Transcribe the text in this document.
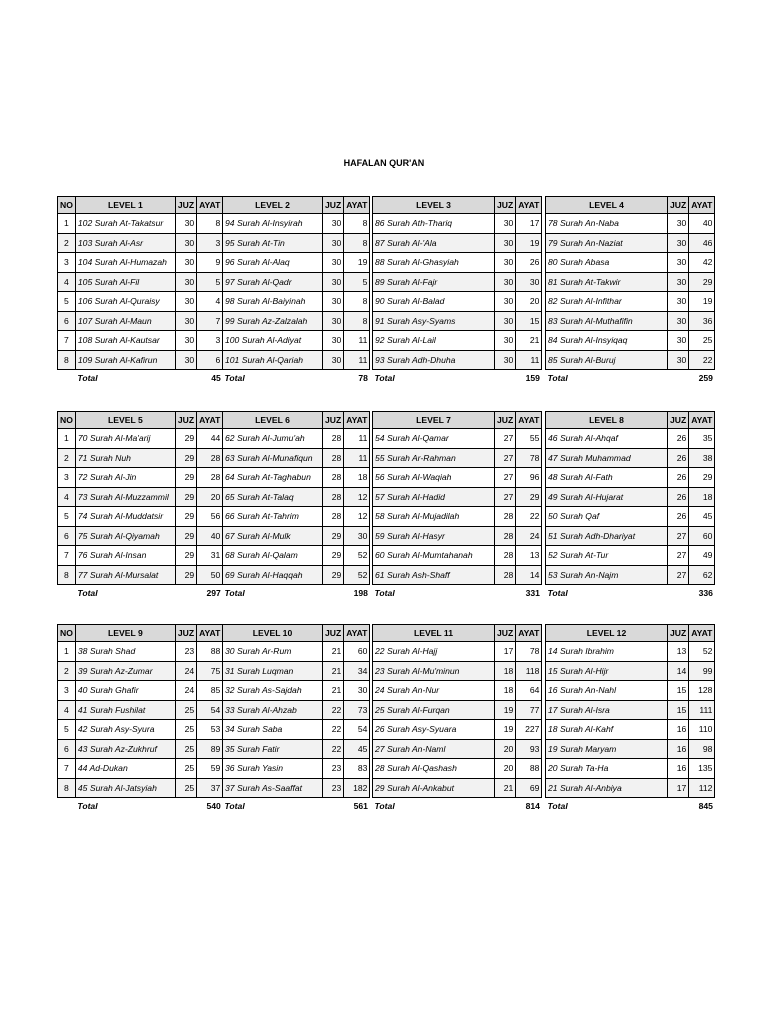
HAFALAN QUR'AN
NO	LEVEL 1	JUZ	AYAT
1	102 Surah At-Takatsur	30	8
2	103 Surah Al-Asr	30	3
3	104 Surah Al-Humazah	30	9
4	105 Surah Al-Fil	30	5
5	106 Surah Al-Quraisy	30	4
6	107 Surah Al-Maun	30	7
7	108 Surah Al-Kautsar	30	3
8	109 Surah Al-Kafirun	30	6
	Total		45
LEVEL 2	JUZ	AYAT
94 Surah Al-Insyirah	30	8
95 Surah At-Tin	30	8
96 Surah Al-Alaq	30	19
97 Surah Al-Qadr	30	5
98 Surah Al-Baiyinah	30	8
99 Surah Az-Zalzalah	30	8
100 Surah Al-Adiyat	30	11
101 Surah Al-Qariah	30	11
Total		78
LEVEL 3	JUZ	AYAT
86 Surah Ath-Thariq	30	17
87 Surah Al-'Ala	30	19
88 Surah Al-Ghasyiah	30	26
89 Surah Al-Fajr	30	30
90 Surah Al-Balad	30	20
91 Surah Asy-Syams	30	15
92 Surah Al-Lail	30	21
93 Surah Adh-Dhuha	30	11
Total		159
LEVEL 4	JUZ	AYAT
78 Surah An-Naba	30	40
79 Surah An-Naziat	30	46
80 Surah Abasa	30	42
81 Surah At-Takwir	30	29
82 Surah Al-Infithar	30	19
83 Surah Al-Muthafifin	30	36
84 Surah Al-Insyiqaq	30	25
85 Surah Al-Buruj	30	22
Total		259
NO	LEVEL 5	JUZ	AYAT
1	70 Surah Al-Ma'arij	29	44
2	71 Surah Nuh	29	28
3	72 Surah Al-Jin	29	28
4	73 Surah Al-Muzzammil	29	20
5	74 Surah Al-Muddatsir	29	56
6	75 Surah Al-Qiyamah	29	40
7	76 Surah Al-Insan	29	31
8	77 Surah Al-Mursalat	29	50
	Total		297
LEVEL 6	JUZ	AYAT
62 Surah Al-Jumu'ah	28	11
63 Surah Al-Munafiqun	28	11
64 Surah At-Taghabun	28	18
65 Surah At-Talaq	28	12
66 Surah At-Tahrim	28	12
67 Surah Al-Mulk	29	30
68 Surah Al-Qalam	29	52
69 Surah Al-Haqqah	29	52
Total		198
LEVEL 7	JUZ	AYAT
54 Surah Al-Qamar	27	55
55 Surah Ar-Rahman	27	78
56 Surah Al-Waqiah	27	96
57 Surah Al-Hadid	27	29
58 Surah Al-Mujadilah	28	22
59 Surah Al-Hasyr	28	24
60 Surah Al-Mumtahanah	28	13
61 Surah Ash-Shaff	28	14
Total		331
LEVEL 8	JUZ	AYAT
46 Surah Al-Ahqaf	26	35
47 Surah Muhammad	26	38
48 Surah Al-Fath	26	29
49 Surah Al-Hujarat	26	18
50 Surah Qaf	26	45
51 Surah Adh-Dhariyat	27	60
52 Surah At-Tur	27	49
53 Surah An-Najm	27	62
Total		336
NO	LEVEL 9	JUZ	AYAT
1	38 Surah Shad	23	88
2	39 Surah Az-Zumar	24	75
3	40 Surah Ghafir	24	85
4	41 Surah Fushilat	25	54
5	42 Surah Asy-Syura	25	53
6	43 Surah Az-Zukhruf	25	89
7	44 Ad-Dukan	25	59
8	45 Surah Al-Jatsyiah	25	37
	Total		540
LEVEL 10	JUZ	AYAT
30 Surah Ar-Rum	21	60
31 Surah Luqman	21	34
32 Surah As-Sajdah	21	30
33 Surah Al-Ahzab	22	73
34 Surah Saba	22	54
35 Surah Fatir	22	45
36 Surah Yasin	23	83
37 Surah As-Saaffat	23	182
Total		561
LEVEL 11	JUZ	AYAT
22 Surah Al-Hajj	17	78
23 Surah Al-Mu'minun	18	118
24 Surah An-Nur	18	64
25 Surah Al-Furqan	19	77
26 Surah Asy-Syuara	19	227
27 Surah An-Naml	20	93
28 Surah Al-Qashash	20	88
29 Surah Al-Ankabut	21	69
Total		814
LEVEL 12	JUZ	AYAT
14 Surah Ibrahim	13	52
15 Surah Al-Hijr	14	99
16 Surah An-Nahl	15	128
17 Surah Al-Isra	15	111
18 Surah Al-Kahf	16	110
19 Surah Maryam	16	98
20 Surah Ta-Ha	16	135
21 Surah Al-Anbiya	17	112
Total		845
